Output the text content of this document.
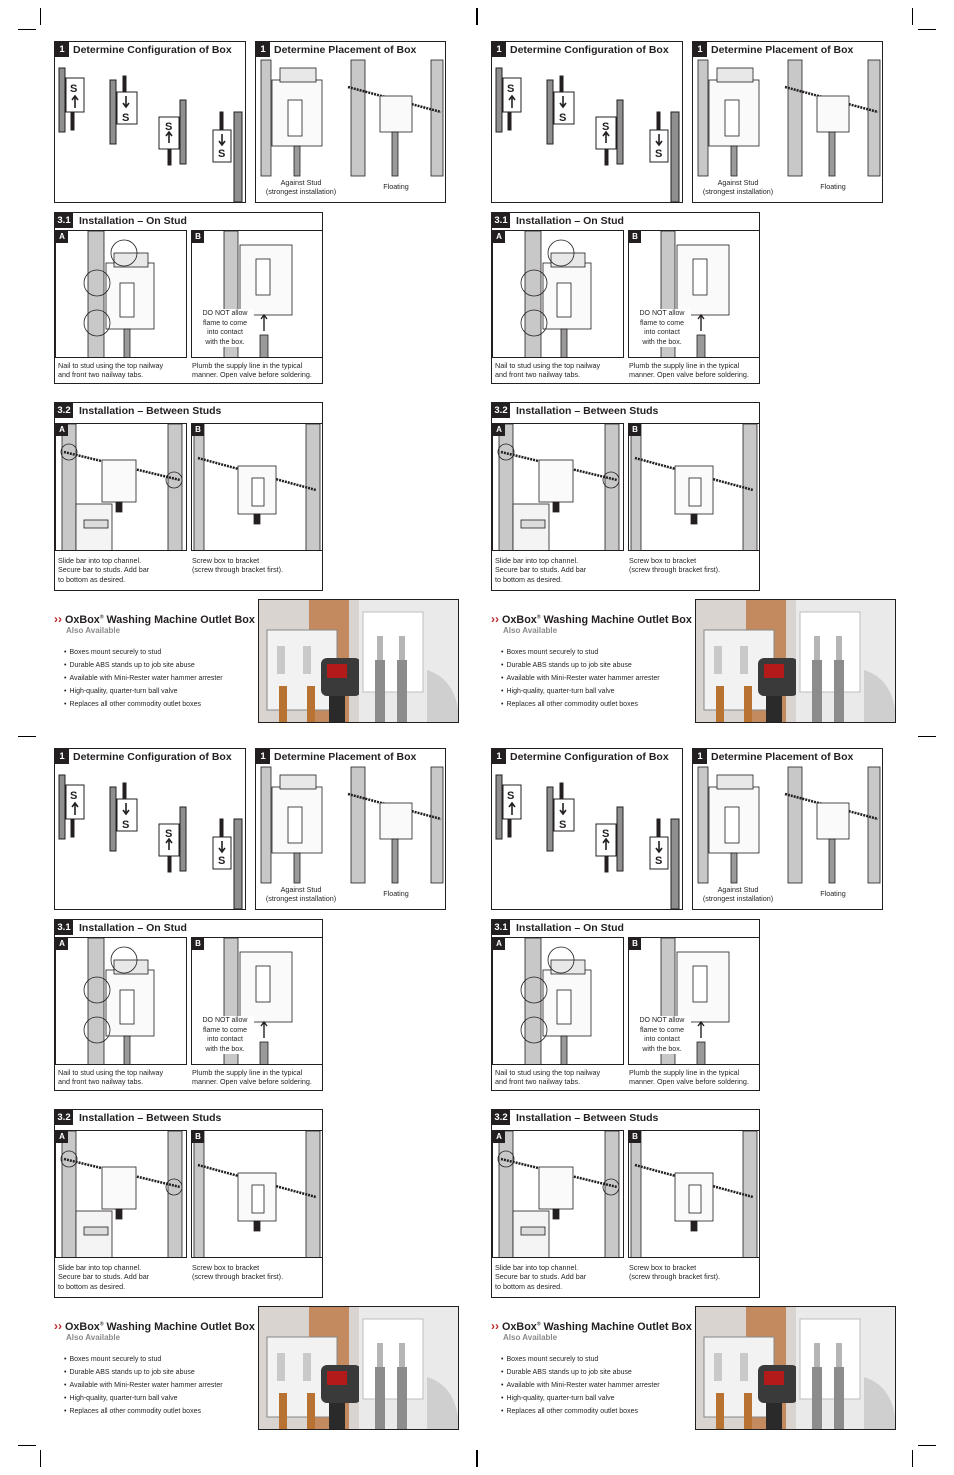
1 Determine Configuration of Box
S
S
S
S
1 Determine Placement of Box
Against Stud
(strongest installation)
Floating
3.1 Installation – On Stud
A	B
DO NOT allow
flame to come
into contact
with the box.
Nail to stud using the top nailway
and front two nailway tabs.
Plumb the supply line in the typical
manner. Open valve before soldering.
3.2 Installation – Between Studs
A	B
Slide bar into top channel.
Secure bar to studs. Add bar
to bottom as desired.
Screw box to bracket
(screw through bracket first).
›› OxBox® Washing Machine Outlet Box
Also Available
• Boxes mount securely to stud
• Durable ABS stands up to job site abuse
• Available with Mini-Rester water hammer arrester
• High-quality, quarter-turn ball valve
• Replaces all other commodity outlet boxes
1 Determine Configuration of Box
S
S
S
S
1 Determine Placement of Box
Against Stud
(strongest installation)
Floating
3.1 Installation – On Stud
A	B
DO NOT allow
flame to come
into contact
with the box.
Nail to stud using the top nailway
and front two nailway tabs.
Plumb the supply line in the typical
manner. Open valve before soldering.
3.2 Installation – Between Studs
A	B
Slide bar into top channel.
Secure bar to studs. Add bar
to bottom as desired.
Screw box to bracket
(screw through bracket first).
›› OxBox® Washing Machine Outlet Box
Also Available
• Boxes mount securely to stud
• Durable ABS stands up to job site abuse
• Available with Mini-Rester water hammer arrester
• High-quality, quarter-turn ball valve
• Replaces all other commodity outlet boxes
1 Determine Configuration of Box
S
S
S
S
1 Determine Placement of Box
Against Stud
(strongest installation)
Floating
3.1 Installation – On Stud
A	B
DO NOT allow
flame to come
into contact
with the box.
Nail to stud using the top nailway
and front two nailway tabs.
Plumb the supply line in the typical
manner. Open valve before soldering.
3.2 Installation – Between Studs
A	B
Slide bar into top channel.
Secure bar to studs. Add bar
to bottom as desired.
Screw box to bracket
(screw through bracket first).
›› OxBox® Washing Machine Outlet Box
Also Available
• Boxes mount securely to stud
• Durable ABS stands up to job site abuse
• Available with Mini-Rester water hammer arrester
• High-quality, quarter-turn ball valve
• Replaces all other commodity outlet boxes
1 Determine Configuration of Box
S
S
S
S
1 Determine Placement of Box
Against Stud
(strongest installation)
Floating
3.1 Installation – On Stud
A	B
DO NOT allow
flame to come
into contact
with the box.
Nail to stud using the top nailway
and front two nailway tabs.
Plumb the supply line in the typical
manner. Open valve before soldering.
3.2 Installation – Between Studs
A	B
Slide bar into top channel.
Secure bar to studs. Add bar
to bottom as desired.
Screw box to bracket
(screw through bracket first).
›› OxBox® Washing Machine Outlet Box
Also Available
• Boxes mount securely to stud
• Durable ABS stands up to job site abuse
• Available with Mini-Rester water hammer arrester
• High-quality, quarter-turn ball valve
• Replaces all other commodity outlet boxes
